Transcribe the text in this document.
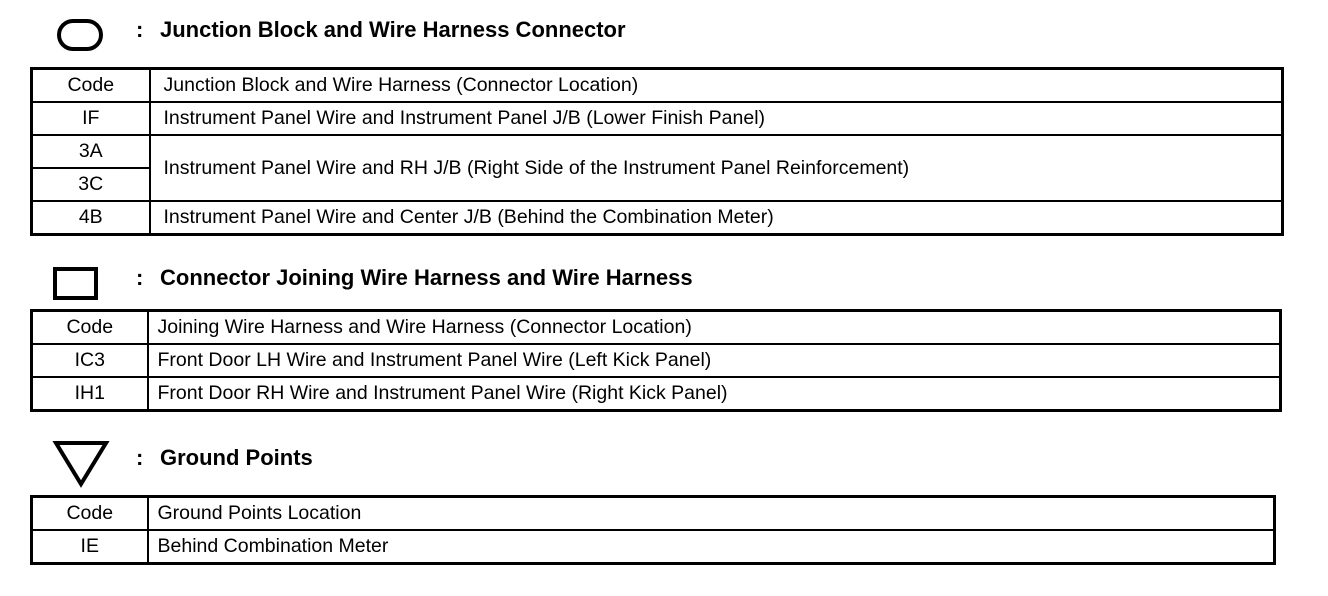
: Junction Block and Wire Harness Connector
Code	Junction Block and Wire Harness (Connector Location)
IF	Instrument Panel Wire and Instrument Panel J/B (Lower Finish Panel)
3A	Instrument Panel Wire and RH J/B (Right Side of the Instrument Panel Reinforcement)
3C	
4B	Instrument Panel Wire and Center J/B (Behind the Combination Meter)
: Connector Joining Wire Harness and Wire Harness
Code	Joining Wire Harness and Wire Harness (Connector Location)
IC3	Front Door LH Wire and Instrument Panel Wire (Left Kick Panel)
IH1	Front Door RH Wire and Instrument Panel Wire (Right Kick Panel)
: Ground Points
Code	Ground Points Location
IE	Behind Combination Meter
